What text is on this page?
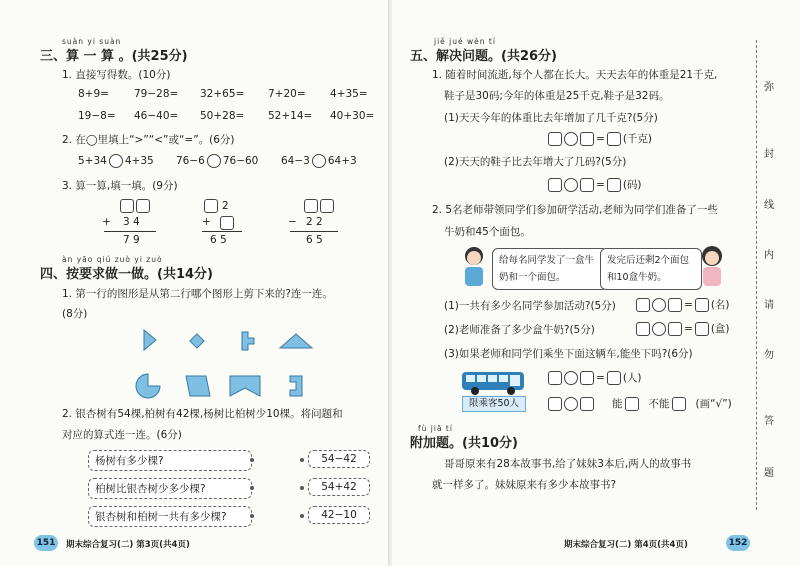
suàn yi suàn
三、算 一 算 。(共25分)
1. 直接写得数。(10分)
8+9= 79−28= 32+65= 7+20= 4+35=
19−8= 46−40= 50+28= 52+14= 40+30=
2. 在◯里填上“>”“<”或“=”。(6分)
5+34 4+35 76−6 76−60 64−3 64+3
3. 算一算,填一填。(9分)
+ 3 4
7 9
2
+
6 5
− 2 2
6 5
àn yāo qiú zuò yi zuò
四、按要求做一做。(共14分)
1. 第一行的图形是从第二行哪个图形上剪下来的?连一连。
(8分)
2. 银杏树有54棵,柏树有42棵,杨树比柏树少10棵。将问题和
对应的算式连一连。(6分)
杨树有多少棵?
柏树比银杏树少多少棵?
银杏树和柏树一共有多少棵?
54−42
54+42
42−10
151	期末综合复习(二) 第3页(共4页)
jiě jué wèn tí
五、解决问题。(共26分)
1. 随着时间流逝,每个人都在长大。天天去年的体重是21千克,
鞋子是30码;今年的体重是25千克,鞋子是32码。
(1)天天今年的体重比去年增加了几千克?(5分)
= (千克)
(2)天天的鞋子比去年增大了几码?(5分)
= (码)
2. 5名老师带领同学们参加研学活动,老师为同学们准备了一些
牛奶和45个面包。
给每名同学发了一盒牛奶和一个面包。
发完后还剩2个面包和10盒牛奶。
(1)一共有多少名同学参加活动?(5分)	= (名)
(2)老师准备了多少盒牛奶?(5分)	= (盒)
(3)如果老师和同学们乘坐下面这辆车,能坐下吗?(6分)
限乘客50人
= (人)
能 不能 (画“√”)
fù jiā tí
附加题。(共10分)
哥哥原来有28本故事书,给了妹妹3本后,两人的故事书
就一样多了。妹妹原来有多少本故事书?
期末综合复习(二) 第4页(共4页)	152
弥
封
线
内
请
勿
答
题
